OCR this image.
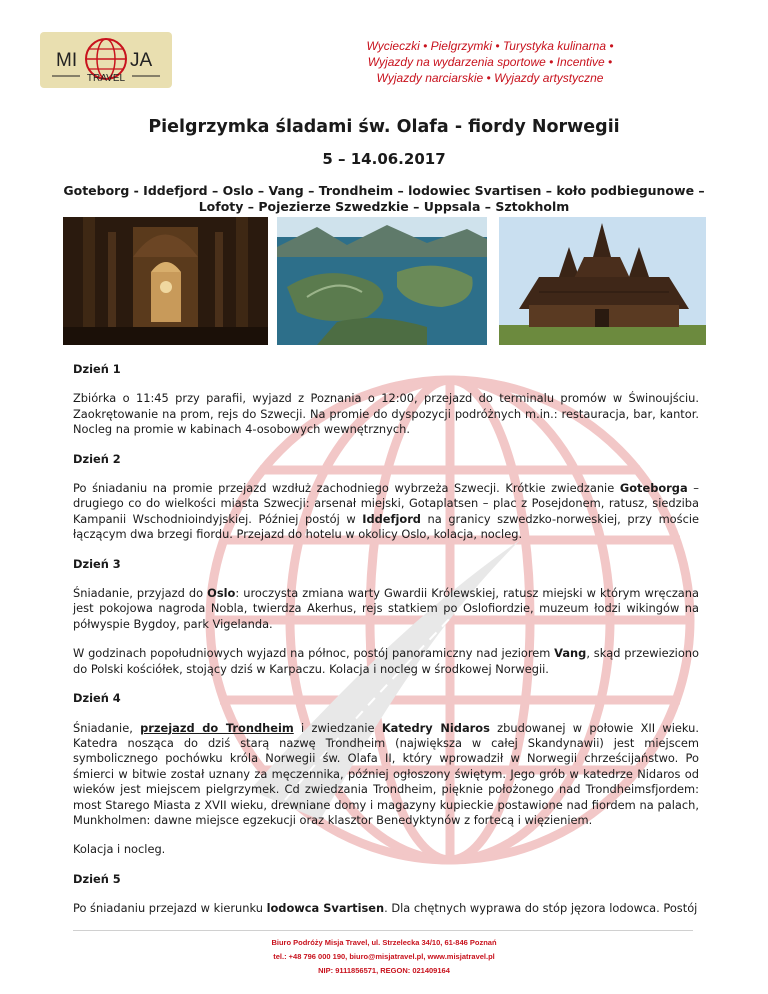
MI	JA
TRAVEL
Wycieczki • Pielgrzymki • Turystyka kulinarna •
Wyjazdy na wydarzenia sportowe • Incentive •
Wyjazdy narciarskie • Wyjazdy artystyczne
Pielgrzymka śladami św. Olafa - fiordy Norwegii
5 – 14.06.2017
Goteborg - Iddefjord – Oslo – Vang – Trondheim – lodowiec Svartisen – koło podbiegunowe – Lofoty – Pojezierze Szwedzkie – Uppsala – Sztokholm
Dzień 1

Zbiórka o 11:45 przy parafii, wyjazd z Poznania o 12:00, przejazd do terminalu promów w Świnoujściu. Zaokrętowanie na prom, rejs do Szwecji. Na promie do dyspozycji podróżnych m.in.: restauracja, bar, kantor. Nocleg na promie w kabinach 4-osobowych wewnętrznych.

Dzień 2

Po śniadaniu na promie przejazd wzdłuż zachodniego wybrzeża Szwecji. Krótkie zwiedzanie Goteborga – drugiego co do wielkości miasta Szwecji: arsenał miejski, Gotaplatsen – plac z Posejdonem, ratusz, siedziba Kampanii Wschodnioindyjskiej. Później postój w Iddefjord na granicy szwedzko-norweskiej, przy moście łączącym dwa brzegi fiordu. Przejazd do hotelu w okolicy Oslo, kolacja, nocleg.

Dzień 3

Śniadanie, przyjazd do Oslo: uroczysta zmiana warty Gwardii Królewskiej, ratusz miejski w którym wręczana jest pokojowa nagroda Nobla, twierdza Akerhus, rejs statkiem po Oslofiordzie, muzeum łodzi wikingów na półwyspie Bygdoy, park Vigelanda.

W godzinach popołudniowych wyjazd na północ, postój panoramiczny nad jeziorem Vang, skąd przewieziono do Polski kościółek, stojący dziś w Karpaczu. Kolacja i nocleg w środkowej Norwegii.

Dzień 4

Śniadanie, przejazd do Trondheim i zwiedzanie Katedry Nidaros zbudowanej w połowie XII wieku. Katedra nosząca do dziś starą nazwę Trondheim (największa w całej Skandynawii) jest miejscem symbolicznego pochówku króla Norwegii św. Olafa II, który wprowadził w Norwegii chrześcijaństwo. Po śmierci w bitwie został uznany za męczennika, później ogłoszony świętym. Jego grób w katedrze Nidaros od wieków jest miejscem pielgrzymek. Cd zwiedzania Trondheim, pięknie położonego nad Trondheimsfjordem: most Starego Miasta z XVII wieku, drewniane domy i magazyny kupieckie postawione nad fiordem na palach, Munkholmen: dawne miejsce egzekucji oraz klasztor Benedyktynów z fortecą i więzieniem.

Kolacja i nocleg.

Dzień 5

Po śniadaniu przejazd w kierunku lodowca Svartisen. Dla chętnych wyprawa do stóp jęzora lodowca. Postój

Biuro Podróży Misja Travel, ul. Strzelecka 34/10, 61-846 Poznań
tel.: +48 796 000 190, biuro@misjatravel.pl, www.misjatravel.pl
NIP: 9111856571, REGON: 021409164
